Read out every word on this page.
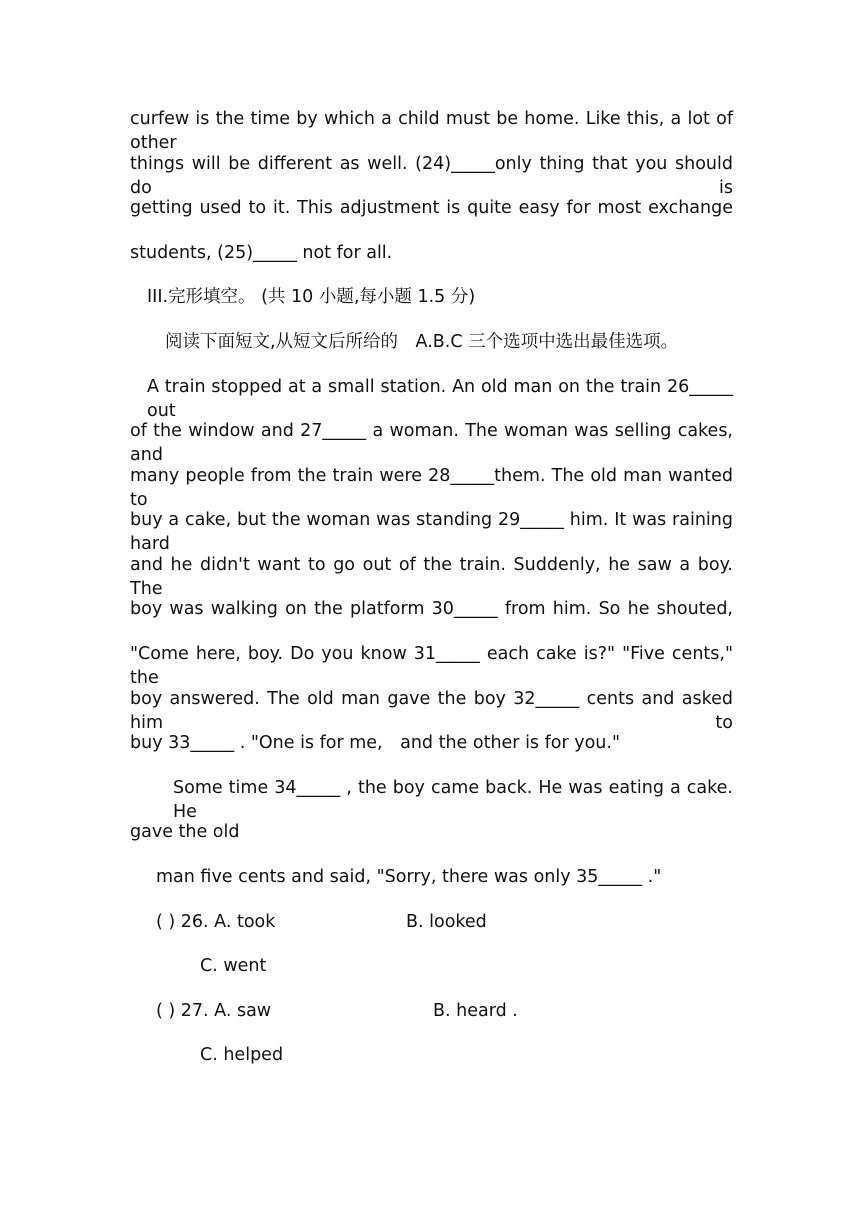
curfew is the time by which a child must be home. Like this, a lot of other
things will be different as well. (24)_____only thing that you should do is
getting used to it. This adjustment is quite easy for most exchange
students, (25)_____ not for all.
III.完形填空。 (共 10 小题,每小题 1.5 分)
阅读下面短文,从短文后所给的　A.B.C 三个选项中选出最佳选项。
A train stopped at a small station. An old man on the train 26_____ out
of the window and 27_____ a woman. The woman was selling cakes, and
many people from the train were 28_____them. The old man wanted to
buy a cake, but the woman was standing 29_____ him. It was raining hard
and he didn't want to go out of the train. Suddenly, he saw a boy. The
boy was walking on the platform 30_____ from him. So he shouted,
"Come here, boy. Do you know 31_____ each cake is?" "Five cents," the
boy answered. The old man gave the boy 32_____ cents and asked him to
buy 33_____ . "One is for me,　and the other is for you."
Some time 34_____ , the boy came back. He was eating a cake. He
gave the old
man five cents and said, "Sorry, there was only 35_____ ."
( ) 26. A. took	B. looked
C. went
( ) 27. A. saw	B. heard .
C. helped
